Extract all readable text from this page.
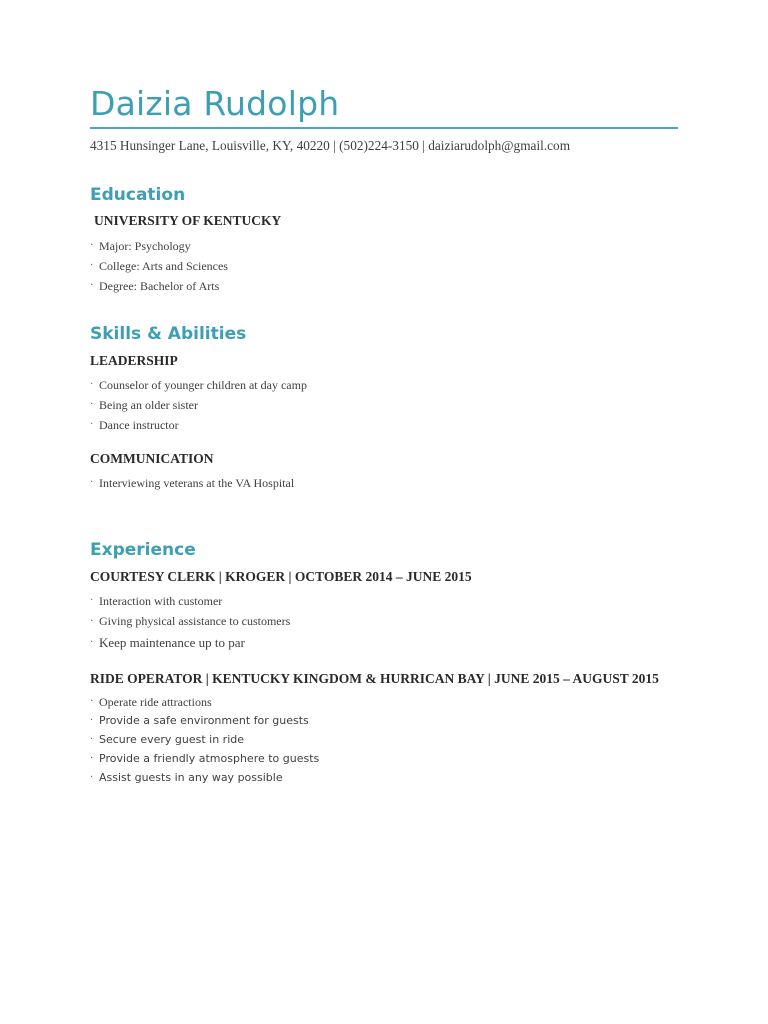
Daizia Rudolph
4315 Hunsinger Lane, Louisville, KY, 40220 | (502)224-3150 | daiziarudolph@gmail.com
Education
UNIVERSITY OF KENTUCKY
· Major: Psychology
· College: Arts and Sciences
· Degree: Bachelor of Arts
Skills & Abilities
LEADERSHIP
· Counselor of younger children at day camp
· Being an older sister
· Dance instructor
COMMUNICATION
· Interviewing veterans at the VA Hospital
Experience
COURTESY CLERK | KROGER | OCTOBER 2014 – JUNE 2015
· Interaction with customer
· Giving physical assistance to customers
· Keep maintenance up to par
RIDE OPERATOR | KENTUCKY KINGDOM & HURRICAN BAY | JUNE 2015 – AUGUST 2015
· Operate ride attractions
· Provide a safe environment for guests
· Secure every guest in ride
· Provide a friendly atmosphere to guests
· Assist guests in any way possible
